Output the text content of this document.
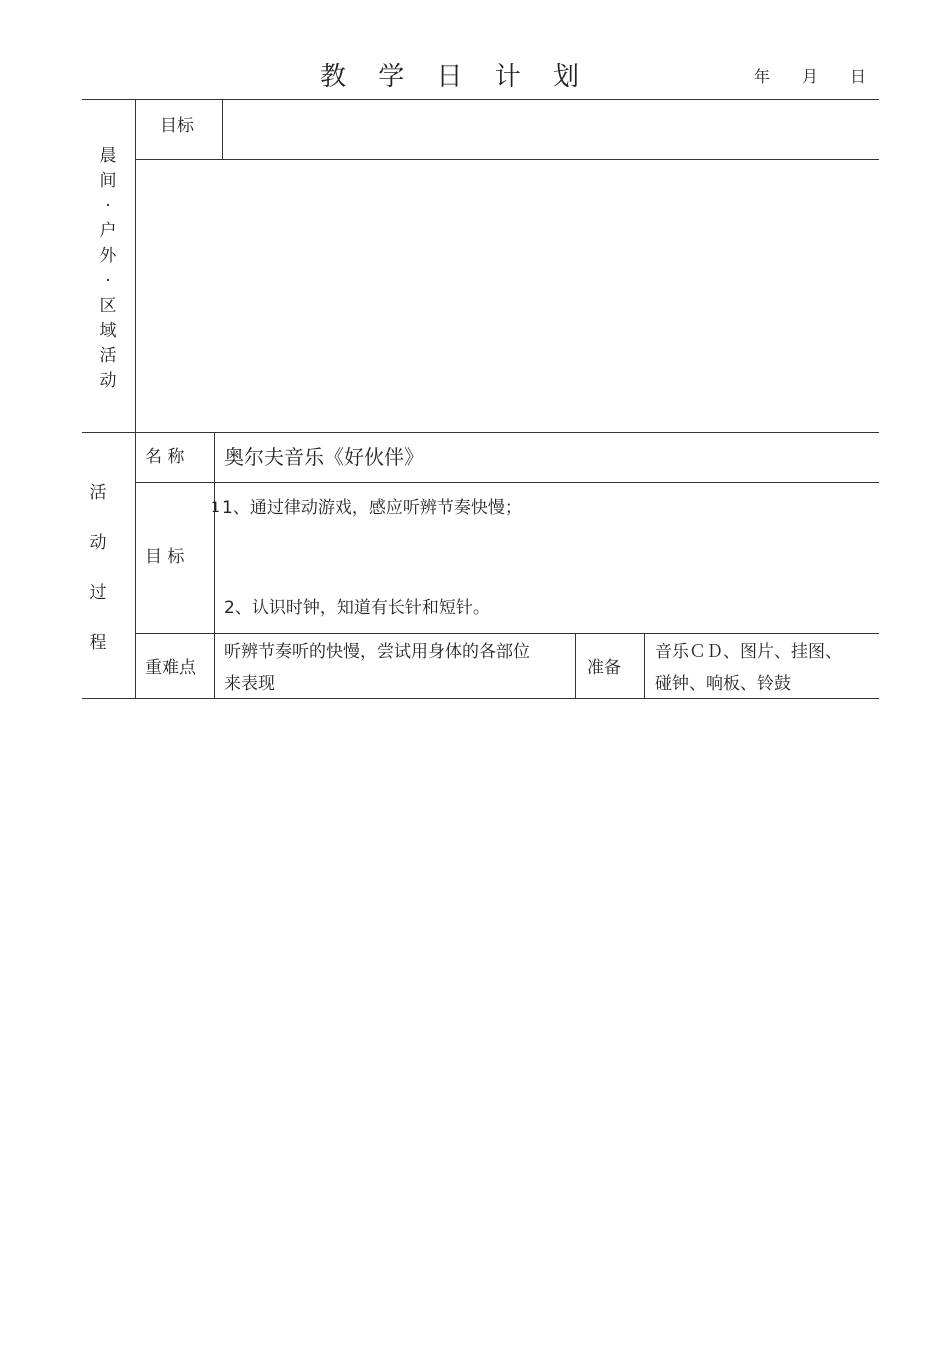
教 学 日 计 划	年 月 日
晨
间
.
户
外
.
区
域
活
动
目标
活
动
过
程
名 称 奥尔夫音乐《好伙伴》
目 标
1 1、通过律动游戏，感应听辨节奏快慢；
2、认识时钟，知道有长针和短针。
重难点
听辨节奏听的快慢，尝试用身体的各部位
来表现
准备
音乐ＣＤ、图片、挂图、
碰钟、响板、铃鼓
